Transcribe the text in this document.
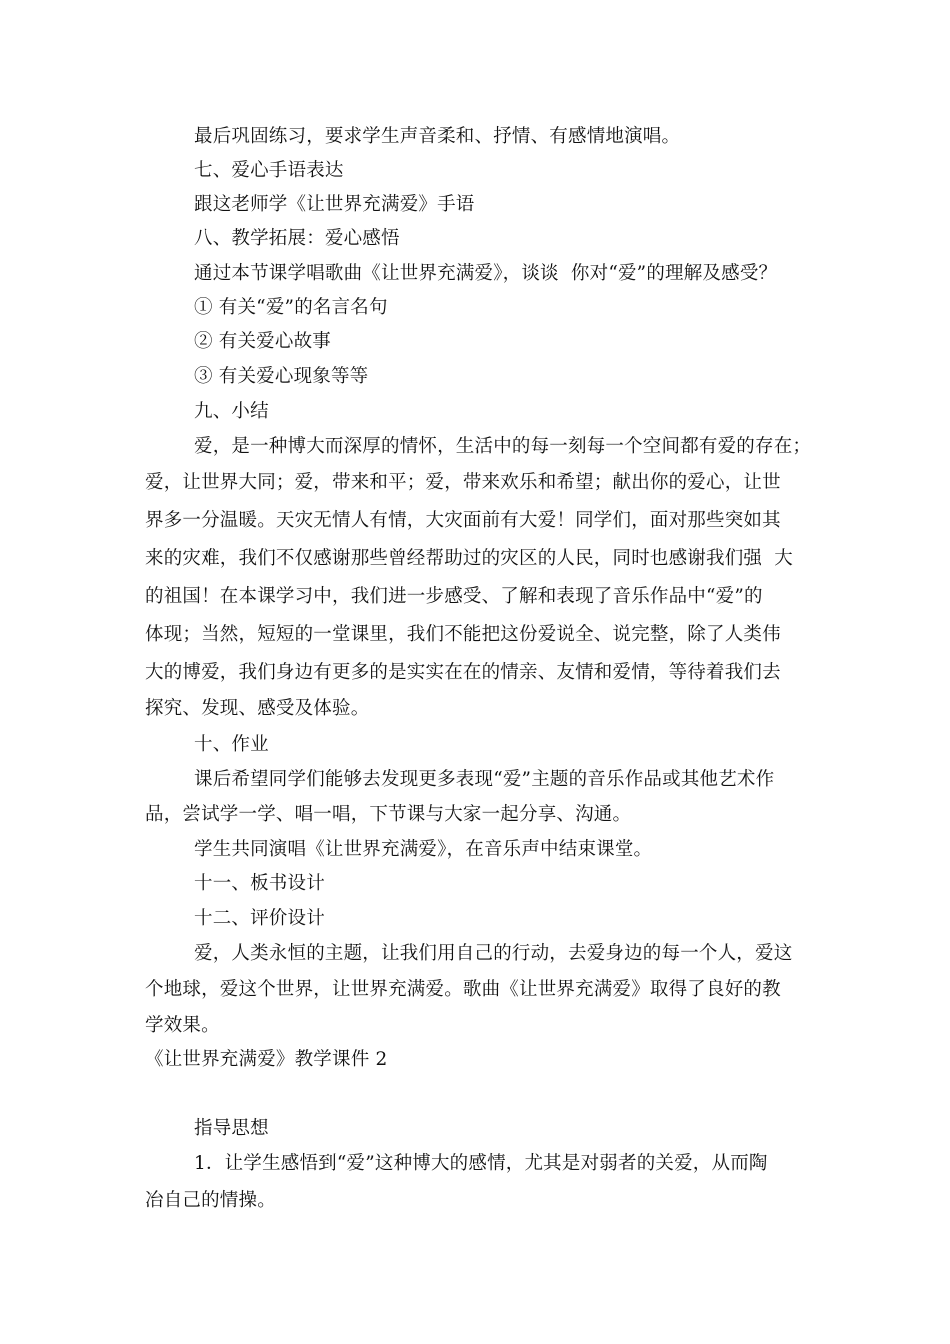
最后巩固练习，要求学生声音柔和、抒情、有感情地演唱。
七、爱心手语表达
跟这老师学《让世界充满爱》手语
八、教学拓展：爱心感悟
通过本节课学唱歌曲《让世界充满爱》，谈谈  你对“爱”的理解及感受？
① 有关“爱”的名言名句
② 有关爱心故事
③ 有关爱心现象等等
九、小结
爱，是一种博大而深厚的情怀，生活中的每一刻每一个空间都有爱的存在；
爱，让世界大同；爱，带来和平；爱，带来欢乐和希望；献出你的爱心，让世
界多一分温暖。天灾无情人有情，大灾面前有大爱！同学们，面对那些突如其
来的灾难，我们不仅感谢那些曾经帮助过的灾区的人民，同时也感谢我们强  大
的祖国！在本课学习中，我们进一步感受、了解和表现了音乐作品中“爱”的
体现；当然，短短的一堂课里，我们不能把这份爱说全、说完整，除了人类伟
大的博爱，我们身边有更多的是实实在在的情亲、友情和爱情，等待着我们去
探究、发现、感受及体验。
十、作业
课后希望同学们能够去发现更多表现“爱”主题的音乐作品或其他艺术作
品，尝试学一学、唱一唱，下节课与大家一起分享、沟通。
学生共同演唱《让世界充满爱》，在音乐声中结束课堂。
十一、板书设计
十二、评价设计
爱，人类永恒的主题，让我们用自己的行动，去爱身边的每一个人，爱这
个地球，爱这个世界，让世界充满爱。歌曲《让世界充满爱》取得了良好的教
学效果。
《让世界充满爱》教学课件 2
指导思想
1．让学生感悟到“爱”这种博大的感情，尤其是对弱者的关爱，从而陶
冶自己的情操。
